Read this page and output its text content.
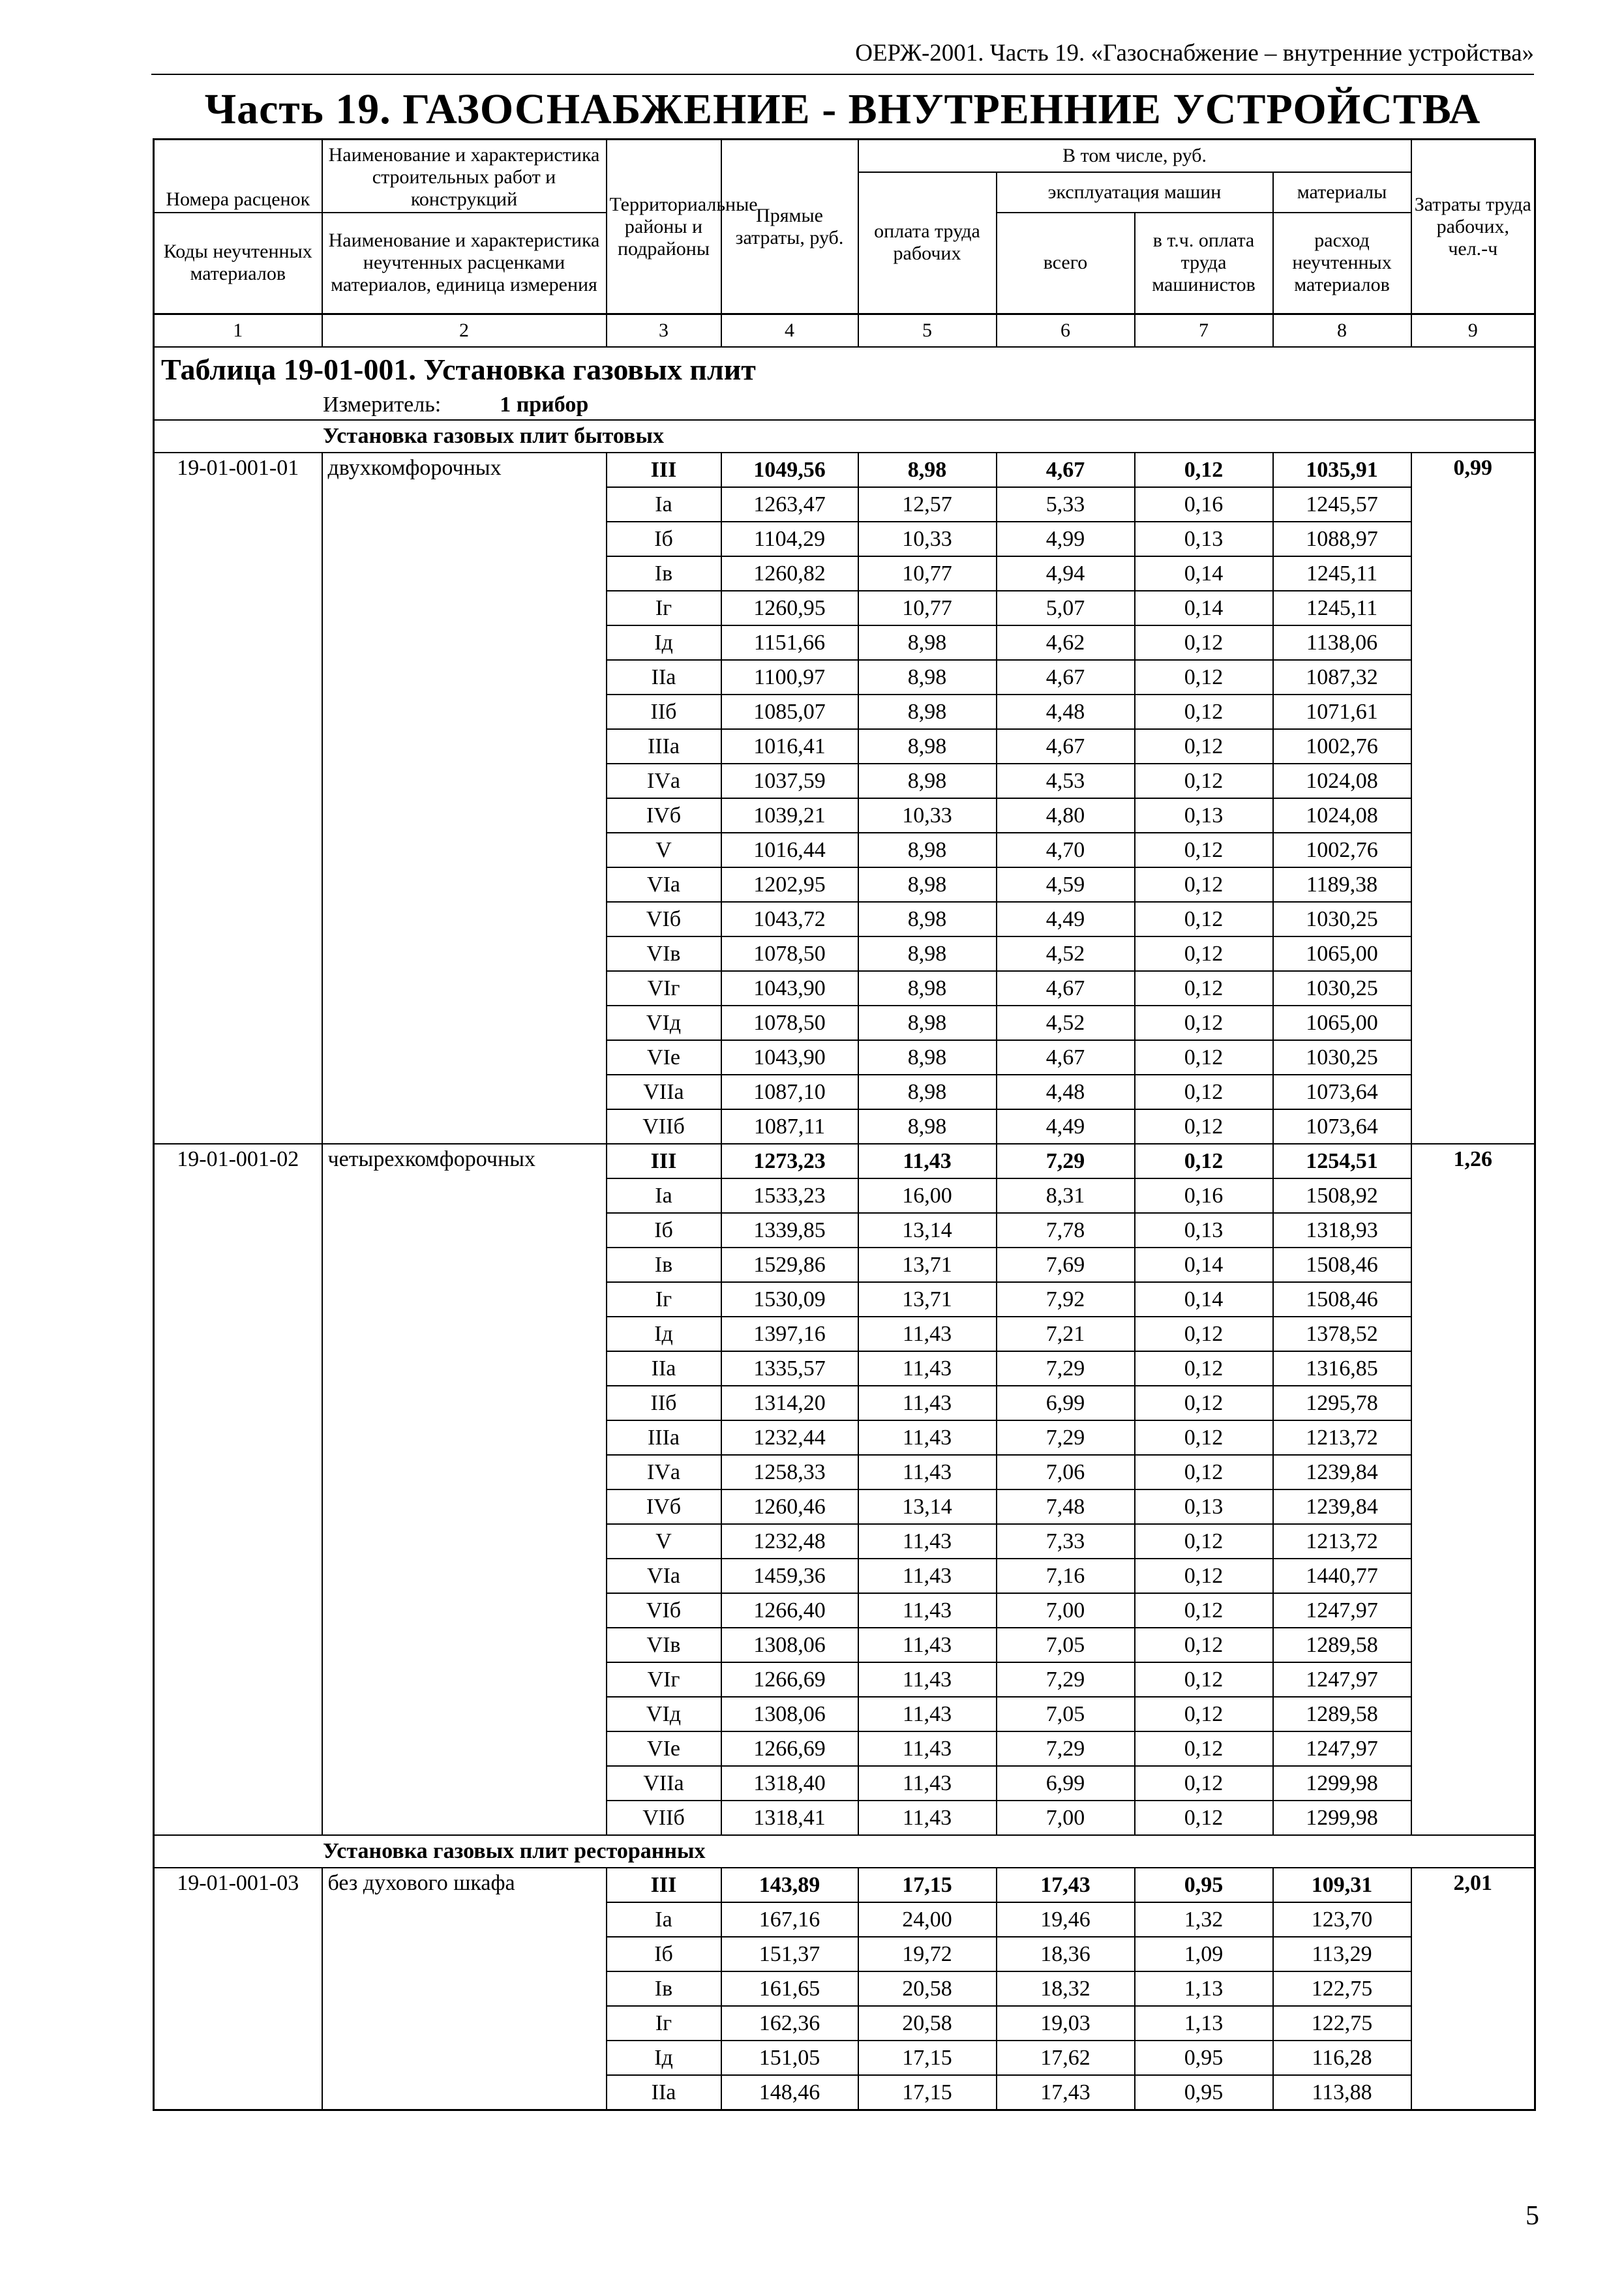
ОЕРЖ-2001. Часть 19. «Газоснабжение – внутренние устройства»
Часть 19. ГАЗОСНАБЖЕНИЕ - ВНУТРЕННИЕ УСТРОЙСТВА
Номера расценок	Наименование и характеристика строительных работ и конструкций	Территориальные районы и подрайоны	Прямые затраты, руб.	В том числе, руб.				Затраты труда рабочих, чел.-ч
				оплата труда рабочих	эксплуатация машин		материалы	
Коды неучтенных материалов	Наименование и характеристика неучтенных расценками материалов, единица измерения				всего	в т.ч. оплата труда машинистов	расход неучтенных материалов	

1	2	3	4	5	6	7	8	9
Таблица 19-01-001. Установка газовых плит								
Измеритель: 1 прибор								
Установка газовых плит бытовых								
19-01-001-01	двухкомфорочных	III	1049,56	8,98	4,67	0,12	1035,91	0,99
		Iа	1263,47	12,57	5,33	0,16	1245,57	
		Iб	1104,29	10,33	4,99	0,13	1088,97	
		Iв	1260,82	10,77	4,94	0,14	1245,11	
		Iг	1260,95	10,77	5,07	0,14	1245,11	
		Iд	1151,66	8,98	4,62	0,12	1138,06	
		IIа	1100,97	8,98	4,67	0,12	1087,32	
		IIб	1085,07	8,98	4,48	0,12	1071,61	
		IIIа	1016,41	8,98	4,67	0,12	1002,76	
		IVа	1037,59	8,98	4,53	0,12	1024,08	
		IVб	1039,21	10,33	4,80	0,13	1024,08	
		V	1016,44	8,98	4,70	0,12	1002,76	
		VIа	1202,95	8,98	4,59	0,12	1189,38	
		VIб	1043,72	8,98	4,49	0,12	1030,25	
		VIв	1078,50	8,98	4,52	0,12	1065,00	
		VIг	1043,90	8,98	4,67	0,12	1030,25	
		VIд	1078,50	8,98	4,52	0,12	1065,00	
		VIе	1043,90	8,98	4,67	0,12	1030,25	
		VIIа	1087,10	8,98	4,48	0,12	1073,64	
		VIIб	1087,11	8,98	4,49	0,12	1073,64	
19-01-001-02	четырехкомфорочных	III	1273,23	11,43	7,29	0,12	1254,51	1,26
		Iа	1533,23	16,00	8,31	0,16	1508,92	
		Iб	1339,85	13,14	7,78	0,13	1318,93	
		Iв	1529,86	13,71	7,69	0,14	1508,46	
		Iг	1530,09	13,71	7,92	0,14	1508,46	
		Iд	1397,16	11,43	7,21	0,12	1378,52	
		IIа	1335,57	11,43	7,29	0,12	1316,85	
		IIб	1314,20	11,43	6,99	0,12	1295,78	
		IIIа	1232,44	11,43	7,29	0,12	1213,72	
		IVа	1258,33	11,43	7,06	0,12	1239,84	
		IVб	1260,46	13,14	7,48	0,13	1239,84	
		V	1232,48	11,43	7,33	0,12	1213,72	
		VIа	1459,36	11,43	7,16	0,12	1440,77	
		VIб	1266,40	11,43	7,00	0,12	1247,97	
		VIв	1308,06	11,43	7,05	0,12	1289,58	
		VIг	1266,69	11,43	7,29	0,12	1247,97	
		VIд	1308,06	11,43	7,05	0,12	1289,58	
		VIе	1266,69	11,43	7,29	0,12	1247,97	
		VIIа	1318,40	11,43	6,99	0,12	1299,98	
		VIIб	1318,41	11,43	7,00	0,12	1299,98	
Установка газовых плит ресторанных								
19-01-001-03	без духового шкафа	III	143,89	17,15	17,43	0,95	109,31	2,01
		Iа	167,16	24,00	19,46	1,32	123,70	
		Iб	151,37	19,72	18,36	1,09	113,29	
		Iв	161,65	20,58	18,32	1,13	122,75	
		Iг	162,36	20,58	19,03	1,13	122,75	
		Iд	151,05	17,15	17,62	0,95	116,28	
		IIа	148,46	17,15	17,43	0,95	113,88	
5
